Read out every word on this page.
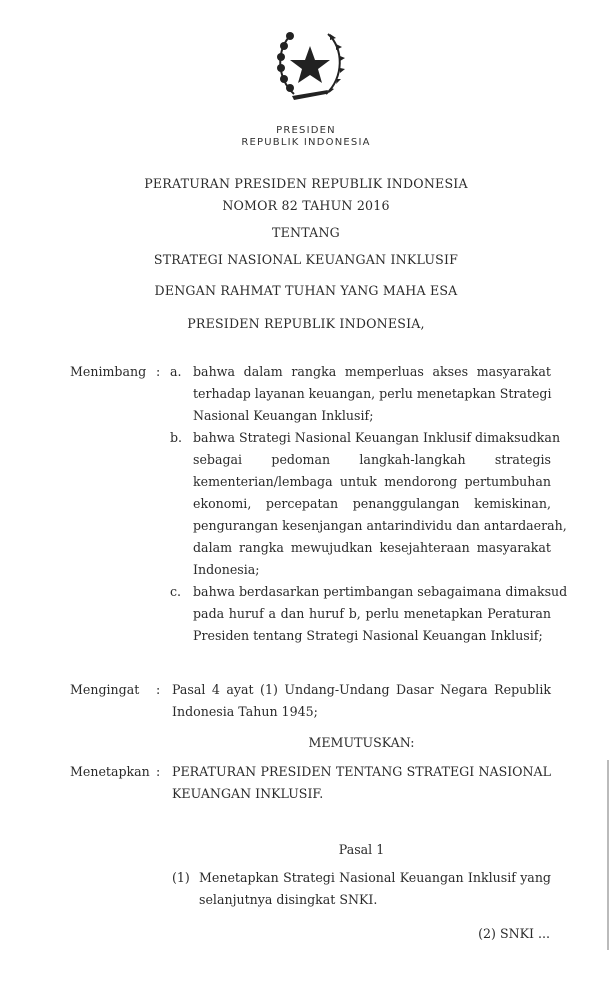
PRESIDEN
REPUBLIK INDONESIA
PERATURAN PRESIDEN REPUBLIK INDONESIA
NOMOR 82 TAHUN 2016
TENTANG
STRATEGI NASIONAL KEUANGAN INKLUSIF
DENGAN RAHMAT TUHAN YANG MAHA ESA
PRESIDEN REPUBLIK INDONESIA,
Menimbang : a. bahwa dalam rangka memperluas akses masyarakat
terhadap layanan keuangan, perlu menetapkan Strategi
Nasional Keuangan Inklusif;
b. bahwa Strategi Nasional Keuangan Inklusif dimaksudkan
sebagai pedoman langkah-langkah strategis
kementerian/lembaga untuk mendorong pertumbuhan
ekonomi, percepatan penanggulangan kemiskinan,
pengurangan kesenjangan antarindividu dan antardaerah,
dalam rangka mewujudkan kesejahteraan masyarakat
Indonesia;
c. bahwa berdasarkan pertimbangan sebagaimana dimaksud
pada huruf a dan huruf b, perlu menetapkan Peraturan
Presiden tentang Strategi Nasional Keuangan Inklusif;
Mengingat : Pasal 4 ayat (1) Undang-Undang Dasar Negara Republik
Indonesia Tahun 1945;
MEMUTUSKAN:
Menetapkan : PERATURAN PRESIDEN TENTANG STRATEGI NASIONAL
KEUANGAN INKLUSIF.
Pasal 1
(1) Menetapkan Strategi Nasional Keuangan Inklusif yang
selanjutnya disingkat SNKI.
(2) SNKI ...
